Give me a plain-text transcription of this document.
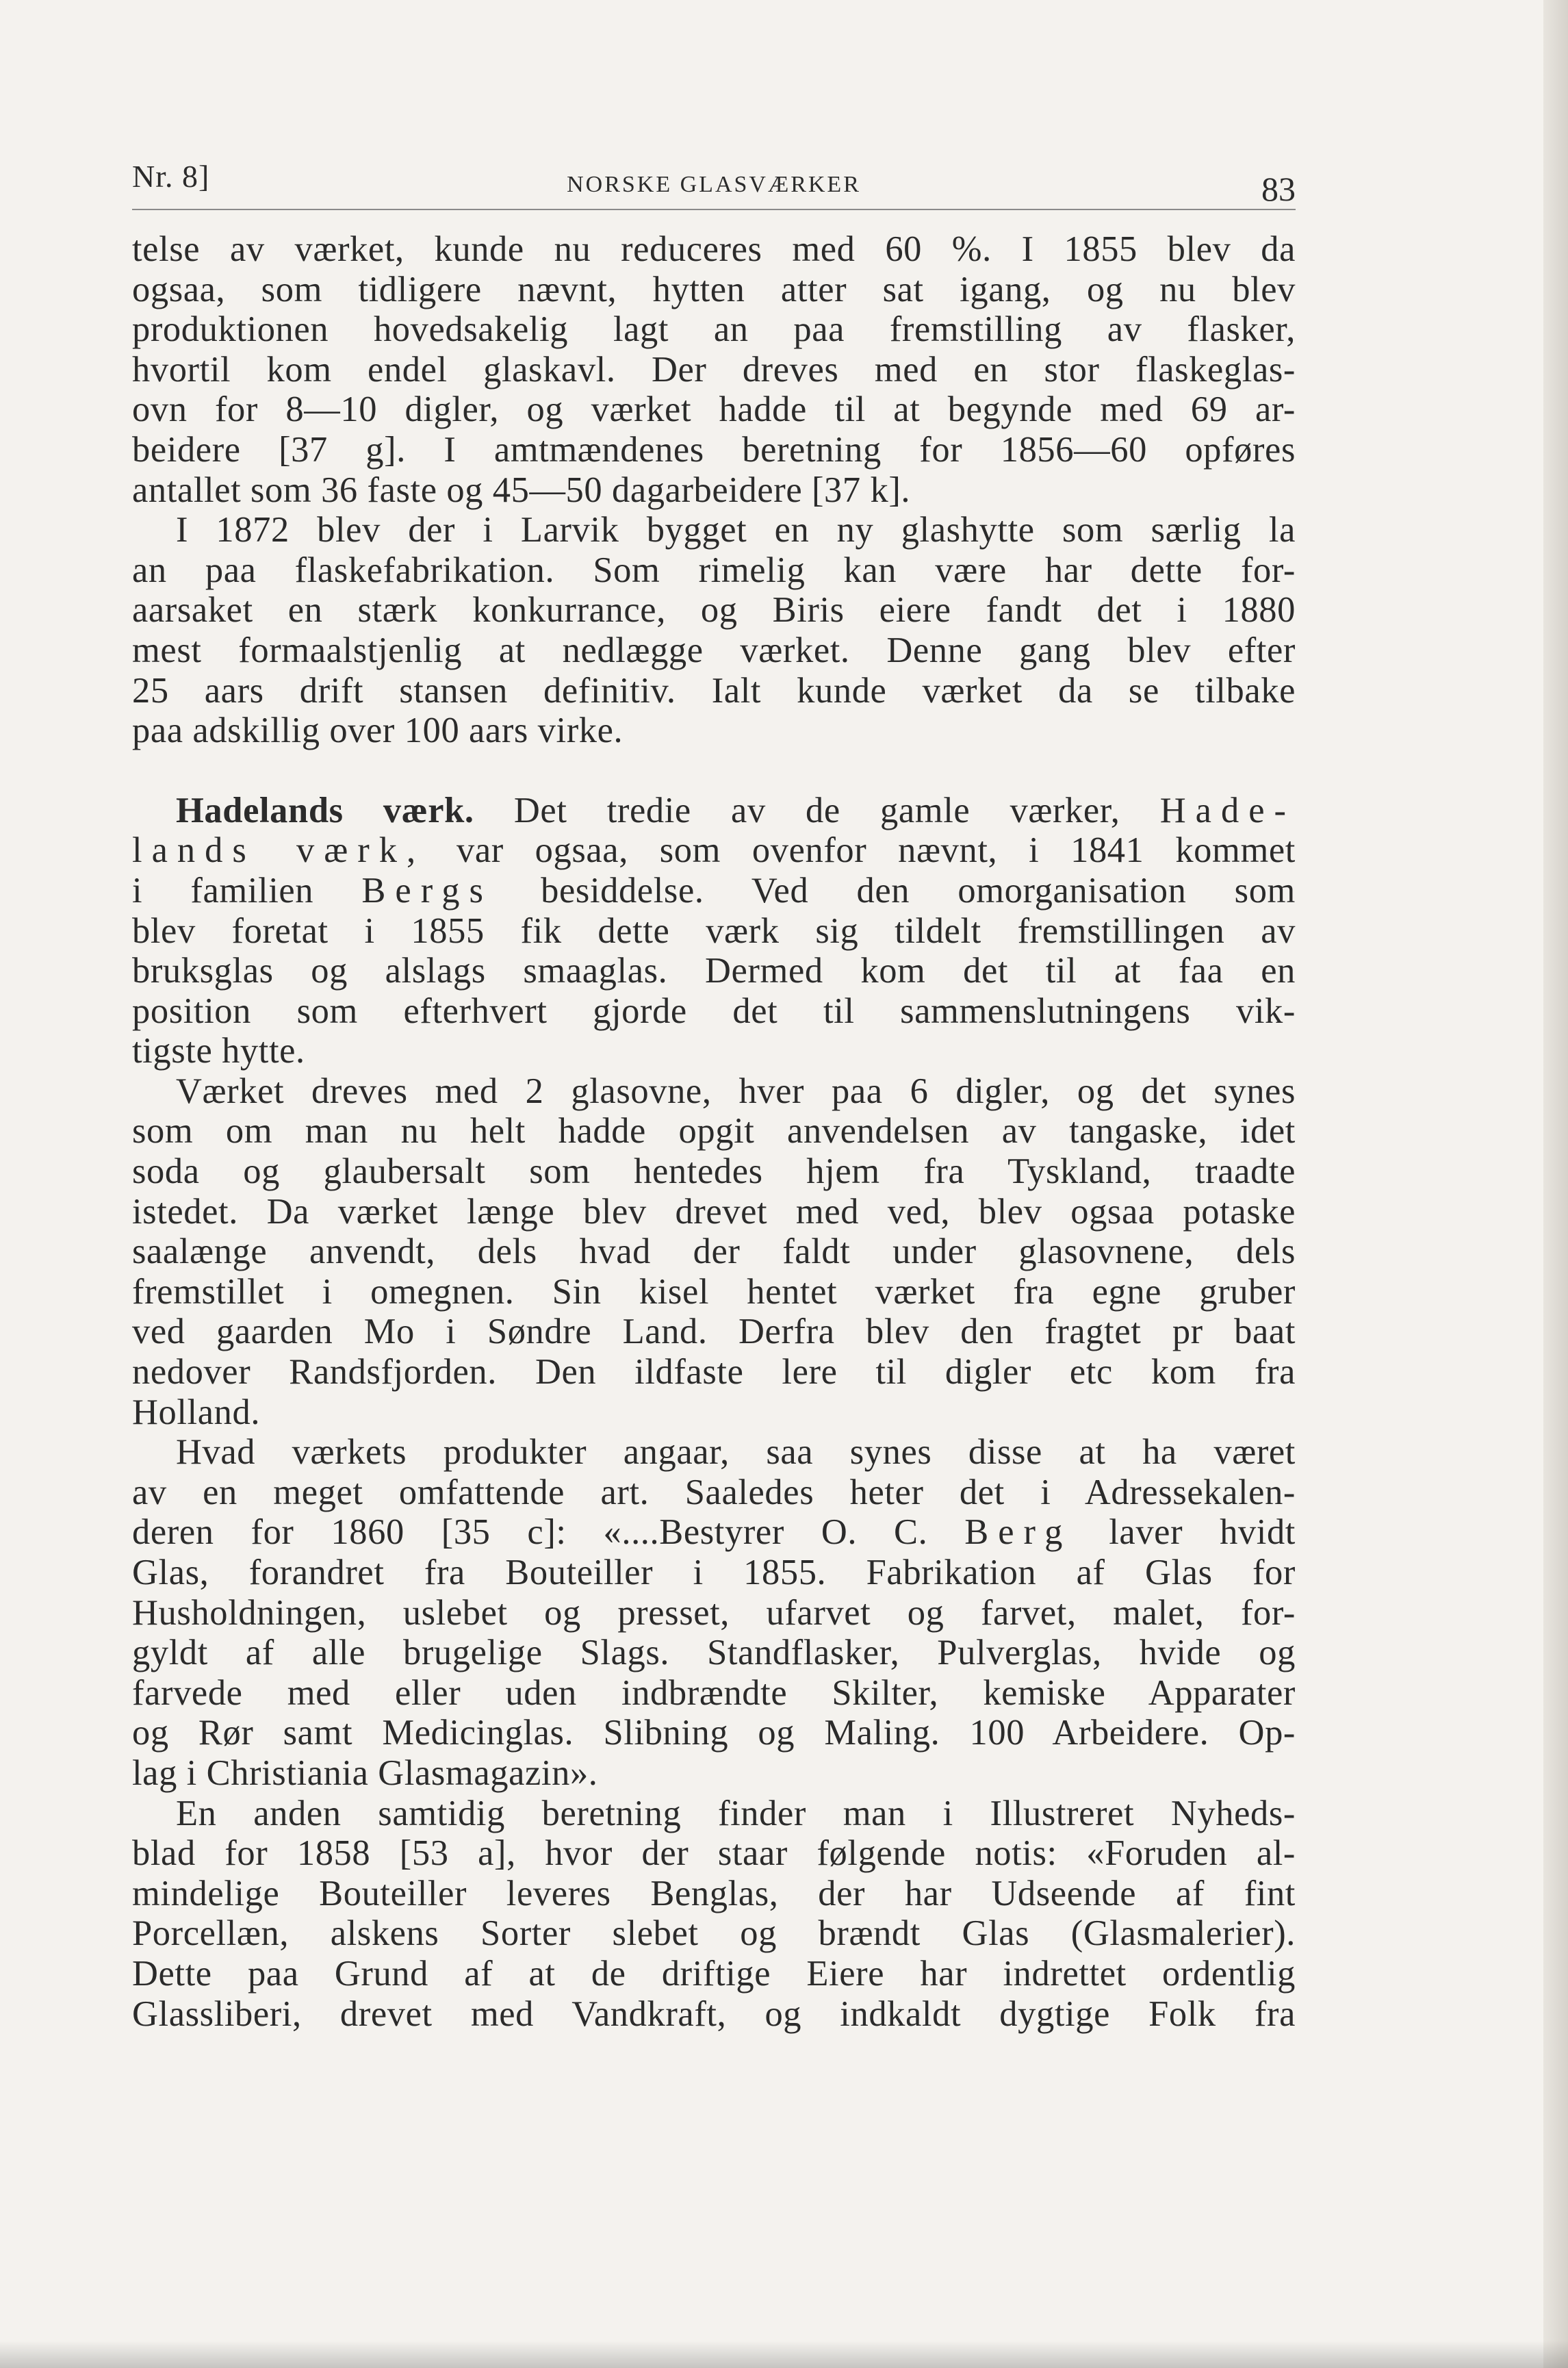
Nr. 8]	NORSKE GLASVÆRKER	83

telse av værket, kunde nu reduceres med 60 %. I 1855 blev da

ogsaa, som tidligere nævnt, hytten atter sat igang, og nu blev

produktionen hovedsakelig lagt an paa fremstilling av flasker,

hvortil kom endel glaskavl. Der dreves med en stor flaskeglas-

ovn for 8—10 digler, og værket hadde til at begynde med 69 ar-

beidere [37 g]. I amtmændenes beretning for 1856—60 opføres

antallet som 36 faste og 45—50 dagarbeidere [37 k].

I 1872 blev der i Larvik bygget en ny glashytte som særlig la

an paa flaskefabrikation. Som rimelig kan være har dette for-

aarsaket en stærk konkurrance, og Biris eiere fandt det i 1880

mest formaalstjenlig at nedlægge værket. Denne gang blev efter

25 aars drift stansen definitiv. Ialt kunde værket da se tilbake

paa adskillig over 100 aars virke.

Hadelands værk. Det tredie av de gamle værker, Hade-

lands værk, var ogsaa, som ovenfor nævnt, i 1841 kommet

i familien Bergs besiddelse. Ved den omorganisation som

blev foretat i 1855 fik dette værk sig tildelt fremstillingen av

bruksglas og alslags smaaglas. Dermed kom det til at faa en

position som efterhvert gjorde det til sammenslutningens vik-

tigste hytte.

Værket dreves med 2 glasovne, hver paa 6 digler, og det synes

som om man nu helt hadde opgit anvendelsen av tangaske, idet

soda og glaubersalt som hentedes hjem fra Tyskland, traadte

istedet. Da værket længe blev drevet med ved, blev ogsaa potaske

saalænge anvendt, dels hvad der faldt under glasovnene, dels

fremstillet i omegnen. Sin kisel hentet værket fra egne gruber

ved gaarden Mo i Søndre Land. Derfra blev den fragtet pr baat

nedover Randsfjorden. Den ildfaste lere til digler etc kom fra

Holland.

Hvad værkets produkter angaar, saa synes disse at ha været

av en meget omfattende art. Saaledes heter det i Adressekalen-

deren for 1860 [35 c]: «....Bestyrer O. C. Berg laver hvidt

Glas, forandret fra Bouteiller i 1855. Fabrikation af Glas for

Husholdningen, uslebet og presset, ufarvet og farvet, malet, for-

gyldt af alle brugelige Slags. Standflasker, Pulverglas, hvide og

farvede med eller uden indbrændte Skilter, kemiske Apparater

og Rør samt Medicinglas. Slibning og Maling. 100 Arbeidere. Op-

lag i Christiania Glasmagazin».

En anden samtidig beretning finder man i Illustreret Nyheds-

blad for 1858 [53 a], hvor der staar følgende notis: «Foruden al-

mindelige Bouteiller leveres Benglas, der har Udseende af fint

Porcellæn, alskens Sorter slebet og brændt Glas (Glasmalerier).

Dette paa Grund af at de driftige Eiere har indrettet ordentlig

Glassliberi, drevet med Vandkraft, og indkaldt dygtige Folk fra
